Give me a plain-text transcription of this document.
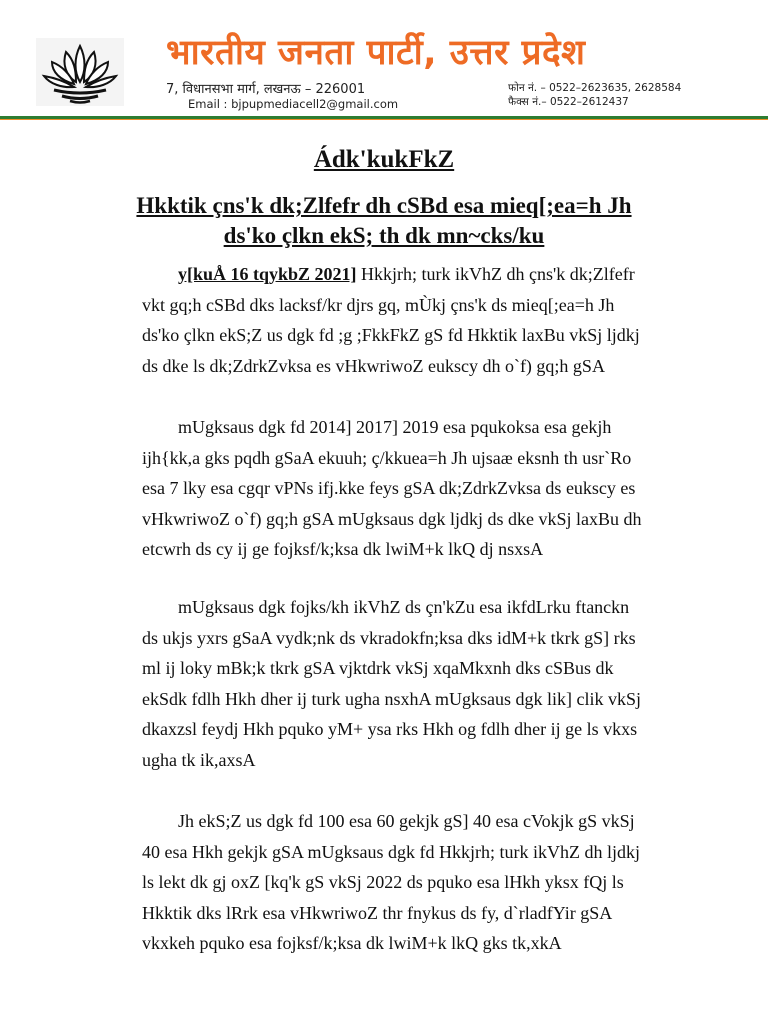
भारतीय जनता पार्टी, उत्तर प्रदेश
7, विधानसभा मार्ग, लखनऊ – 226001
Email : bjpupmediacell2@gmail.com
फोन नं. – 0522–2623635, 2628584
फैक्स नं.– 0522–2612437
Ádk'kukFkZ
Hkktik çns'k dk;Zlfefr dh cSBd esa mieq[;ea=h Jh ds'ko çlkn ekS; th dk mn~cks/ku
y[kuÅ 16 tqykbZ 2021] Hkkjrh; turk ikVhZ dh çns'k dk;Zlfefr
vkt gq;h cSBd dks lacksf/kr djrs gq, mÙkj çns'k ds mieq[;ea=h Jh
ds'ko çlkn ekS;Z us dgk fd ;g ;FkkFkZ gS fd Hkktik laxBu vkSj ljdkj
ds dke ls dk;ZdrkZvksa es vHkwriwoZ eukscy dh o`f) gq;h gSA
mUgksaus dgk fd 2014] 2017] 2019 esa pqukoksa esa gekjh
ijh{kk,a gks pqdh gSaA ekuuh; ç/kkuea=h Jh ujsaæ eksnh th usr`Ro
esa 7 lky esa cgqr vPNs ifj.kke feys gSA dk;ZdrkZvksa ds eukscy es
vHkwriwoZ o`f) gq;h gSA mUgksaus dgk ljdkj ds dke vkSj laxBu dh
etcwrh ds cy ij ge fojksf/k;ksa dk lwiM+k lkQ dj nsxsA
mUgksaus dgk fojks/kh ikVhZ ds çn'kZu esa ikfdLrku ftanckn
ds ukjs yxrs gSaA vydk;nk ds vkradokfn;ksa dks idM+k tkrk gS] rks
ml ij loky mBk;k tkrk gSA vjktdrk vkSj xqaMkxnh dks cSBus dk
ekSdk fdlh Hkh dher ij turk ugha nsxhA mUgksaus dgk lik] clik vkSj
dkaxzsl feydj Hkh pquko yM+ ysa rks Hkh og fdlh dher ij ge ls vkxs
ugha tk ik,axsA
Jh ekS;Z us dgk fd 100 esa 60 gekjk gS] 40 esa cVokjk gS vkSj
40 esa Hkh gekjk gSA mUgksaus dgk fd Hkkjrh; turk ikVhZ dh ljdkj
ls lekt dk gj oxZ [kq'k gS vkSj 2022 ds pquko esa lHkh yksx fQj ls
Hkktik dks lRrk esa vHkwriwoZ thr fnykus ds fy, d`rladfYir gSA
vkxkeh pquko esa fojksf/k;ksa dk lwiM+k lkQ gks tk,xkA
